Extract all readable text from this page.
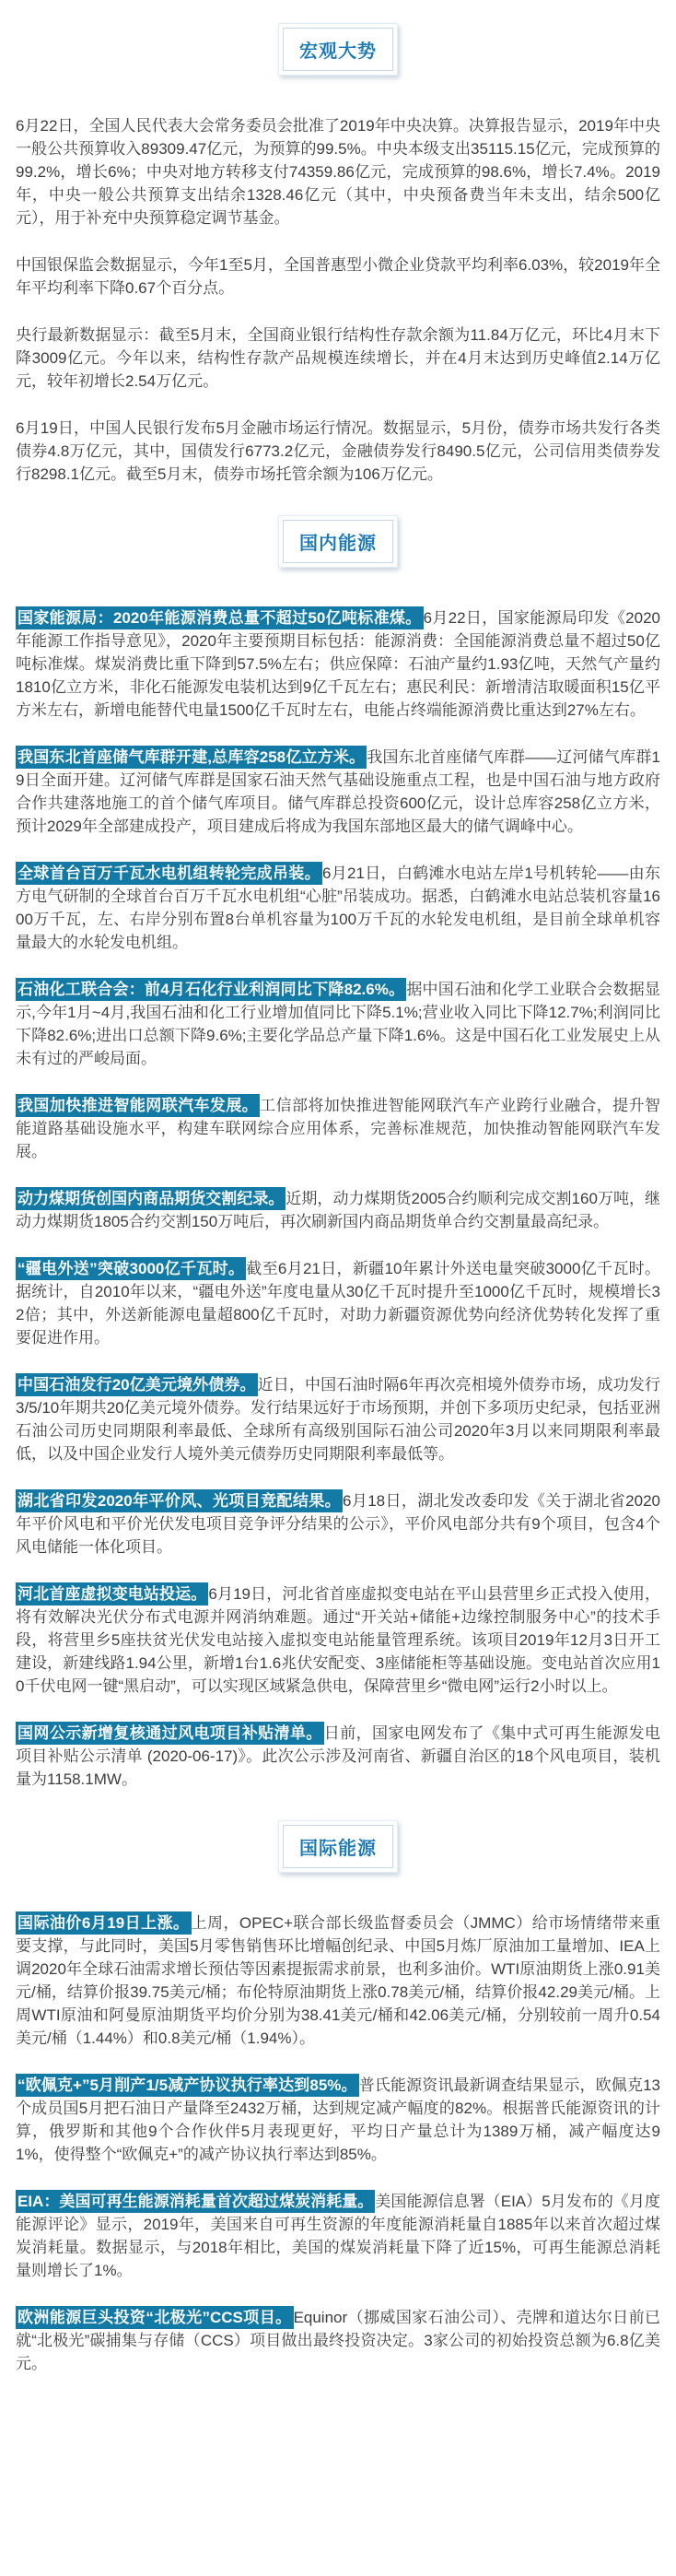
宏观大势

6月22日，全国人民代表大会常务委员会批准了2019年中央决算。决算报告显示，2019年中央一般公共预算收入89309.47亿元，为预算的99.5%。中央本级支出35115.15亿元，完成预算的99.2%，增长6%；中央对地方转移支付74359.86亿元，完成预算的98.6%，增长7.4%。2019年，中央一般公共预算支出结余1328.46亿元（其中，中央预备费当年未支出，结余500亿元），用于补充中央预算稳定调节基金。

中国银保监会数据显示，今年1至5月，全国普惠型小微企业贷款平均利率6.03%，较2019年全年平均利率下降0.67个百分点。

央行最新数据显示：截至5月末，全国商业银行结构性存款余额为11.84万亿元，环比4月末下降3009亿元。今年以来，结构性存款产品规模连续增长，并在4月末达到历史峰值2.14万亿元，较年初增长2.54万亿元。

6月19日，中国人民银行发布5月金融市场运行情况。数据显示，5月份，债券市场共发行各类债券4.8万亿元，其中，国债发行6773.2亿元，金融债券发行8490.5亿元，公司信用类债券发行8298.1亿元。截至5月末，债券市场托管余额为106万亿元。

国内能源

国家能源局：2020年能源消费总量不超过50亿吨标准煤。 6月22日，国家能源局印发《2020年能源工作指导意见》，2020年主要预期目标包括：能源消费：全国能源消费总量不超过50亿吨标准煤。煤炭消费比重下降到57.5%左右；供应保障：石油产量约1.93亿吨，天然气产量约1810亿立方米，非化石能源发电装机达到9亿千瓦左右；惠民利民：新增清洁取暖面积15亿平方米左右，新增电能替代电量1500亿千瓦时左右，电能占终端能源消费比重达到27%左右。

我国东北首座储气库群开建,总库容258亿立方米。 我国东北首座储气库群——辽河储气库群19日全面开建。辽河储气库群是国家石油天然气基础设施重点工程，也是中国石油与地方政府合作共建落地施工的首个储气库项目。储气库群总投资600亿元，设计总库容258亿立方米，预计2029年全部建成投产，项目建成后将成为我国东部地区最大的储气调峰中心。

全球首台百万千瓦水电机组转轮完成吊装。 6月21日，白鹤滩水电站左岸1号机转轮——由东方电气研制的全球首台百万千瓦水电机组“心脏”吊装成功。据悉，白鹤滩水电站总装机容量1600万千瓦，左、右岸分别布置8台单机容量为100万千瓦的水轮发电机组，是目前全球单机容量最大的水轮发电机组。

石油化工联合会：前4月石化行业利润同比下降82.6%。 据中国石油和化学工业联合会数据显示,今年1月~4月,我国石油和化工行业增加值同比下降5.1%;营业收入同比下降12.7%;利润同比下降82.6%;进出口总额下降9.6%;主要化学品总产量下降1.6%。这是中国石化工业发展史上从未有过的严峻局面。

我国加快推进智能网联汽车发展。 工信部将加快推进智能网联汽车产业跨行业融合，提升智能道路基础设施水平，构建车联网综合应用体系，完善标准规范，加快推动智能网联汽车发展。

动力煤期货创国内商品期货交割纪录。 近期，动力煤期货2005合约顺利完成交割160万吨，继动力煤期货1805合约交割150万吨后，再次刷新国内商品期货单合约交割量最高纪录。

“疆电外送”突破3000亿千瓦时。 截至6月21日，新疆10年累计外送电量突破3000亿千瓦时。据统计，自2010年以来，“疆电外送”年度电量从30亿千瓦时提升至1000亿千瓦时，规模增长32倍；其中，外送新能源电量超800亿千瓦时，对助力新疆资源优势向经济优势转化发挥了重要促进作用。

中国石油发行20亿美元境外债券。 近日，中国石油时隔6年再次亮相境外债券市场，成功发行3/5/10年期共20亿美元境外债券。发行结果远好于市场预期，并创下多项历史纪录，包括亚洲石油公司历史同期限利率最低、全球所有高级别国际石油公司2020年3月以来同期限利率最低，以及中国企业发行人境外美元债券历史同期限利率最低等。

湖北省印发2020年平价风、光项目竞配结果。 6月18日，湖北发改委印发《关于湖北省2020年平价风电和平价光伏发电项目竞争评分结果的公示》，平价风电部分共有9个项目，包含4个风电储能一体化项目。

河北首座虚拟变电站投运。 6月19日，河北省首座虚拟变电站在平山县营里乡正式投入使用，将有效解决光伏分布式电源并网消纳难题。通过“开关站+储能+边缘控制服务中心”的技术手段，将营里乡5座扶贫光伏发电站接入虚拟变电站能量管理系统。该项目2019年12月3日开工建设，新建线路1.94公里，新增1台1.6兆伏安配变、3座储能柜等基础设施。变电站首次应用10千伏电网一键“黑启动”，可以实现区域紧急供电，保障营里乡“微电网”运行2小时以上。

国网公示新增复核通过风电项目补贴清单。 日前，国家电网发布了《集中式可再生能源发电项目补贴公示清单 (2020-06-17)》。此次公示涉及河南省、新疆自治区的18个风电项目，装机量为1158.1MW。

国际能源

国际油价6月19日上涨。 上周，OPEC+联合部长级监督委员会（JMMC）给市场情绪带来重要支撑，与此同时，美国5月零售销售环比增幅创纪录、中国5月炼厂原油加工量增加、IEA上调2020年全球石油需求增长预估等因素提振需求前景，也利多油价。WTI原油期货上涨0.91美元/桶，结算价报39.75美元/桶；布伦特原油期货上涨0.78美元/桶，结算价报42.29美元/桶。上周WTI原油和阿曼原油期货平均价分别为38.41美元/桶和42.06美元/桶，分别较前一周升0.54美元/桶（1.44%）和0.8美元/桶（1.94%）。

“欧佩克+”5月削产1/5减产协议执行率达到85%。 普氏能源资讯最新调查结果显示，欧佩克13个成员国5月把石油日产量降至2432万桶，达到规定减产幅度的82%。根据普氏能源资讯的计算，俄罗斯和其他9个合作伙伴5月表现更好，平均日产量总计为1389万桶，减产幅度达91%，使得整个“欧佩克+”的减产协议执行率达到85%。

EIA：美国可再生能源消耗量首次超过煤炭消耗量。 美国能源信息署（EIA）5月发布的《月度能源评论》显示，2019年，美国来自可再生资源的年度能源消耗量自1885年以来首次超过煤炭消耗量。数据显示，与2018年相比，美国的煤炭消耗量下降了近15%，可再生能源总消耗量则增长了1%。

欧洲能源巨头投资“北极光”CCS项目。 Equinor（挪威国家石油公司）、壳牌和道达尔日前已就“北极光”碳捕集与存储（CCS）项目做出最终投资决定。3家公司的初始投资总额为6.8亿美元。
